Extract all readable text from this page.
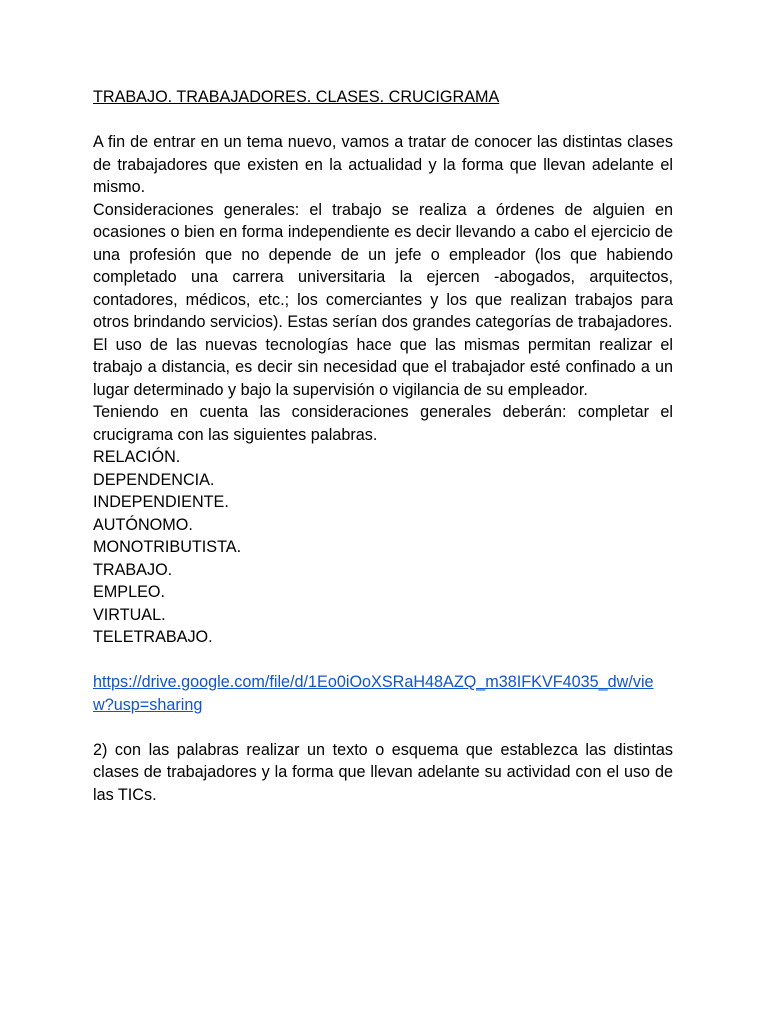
TRABAJO. TRABAJADORES. CLASES. CRUCIGRAMA

A fin de entrar en un tema nuevo, vamos a tratar de conocer las distintas clases de trabajadores que existen en la actualidad y la forma que llevan adelante el mismo.

Consideraciones generales: el trabajo se realiza a órdenes de alguien en ocasiones o bien en forma independiente es decir llevando a cabo el ejercicio de una profesión que no depende de un jefe o empleador (los que habiendo completado una carrera universitaria la ejercen -abogados, arquitectos, contadores, médicos, etc.; los comerciantes y los que realizan trabajos para otros brindando servicios). Estas serían dos grandes categorías de trabajadores.

El uso de las nuevas tecnologías hace que las mismas permitan realizar el trabajo a distancia, es decir sin necesidad que el trabajador esté confinado a un lugar determinado y bajo la supervisión o vigilancia de su empleador.

Teniendo en cuenta las consideraciones generales deberán: completar el crucigrama con las siguientes palabras.

RELACIÓN.
DEPENDENCIA.
INDEPENDIENTE.
AUTÓNOMO.
MONOTRIBUTISTA.
TRABAJO.
EMPLEO.
VIRTUAL.
TELETRABAJO.
https://drive.google.com/file/d/1Eo0iOoXSRaH48AZQ_m38IFKVF4035_dw/view?usp=sharing

2) con las palabras realizar un texto o esquema que establezca las distintas clases de trabajadores y la forma que llevan adelante su actividad con el uso de las TICs.
